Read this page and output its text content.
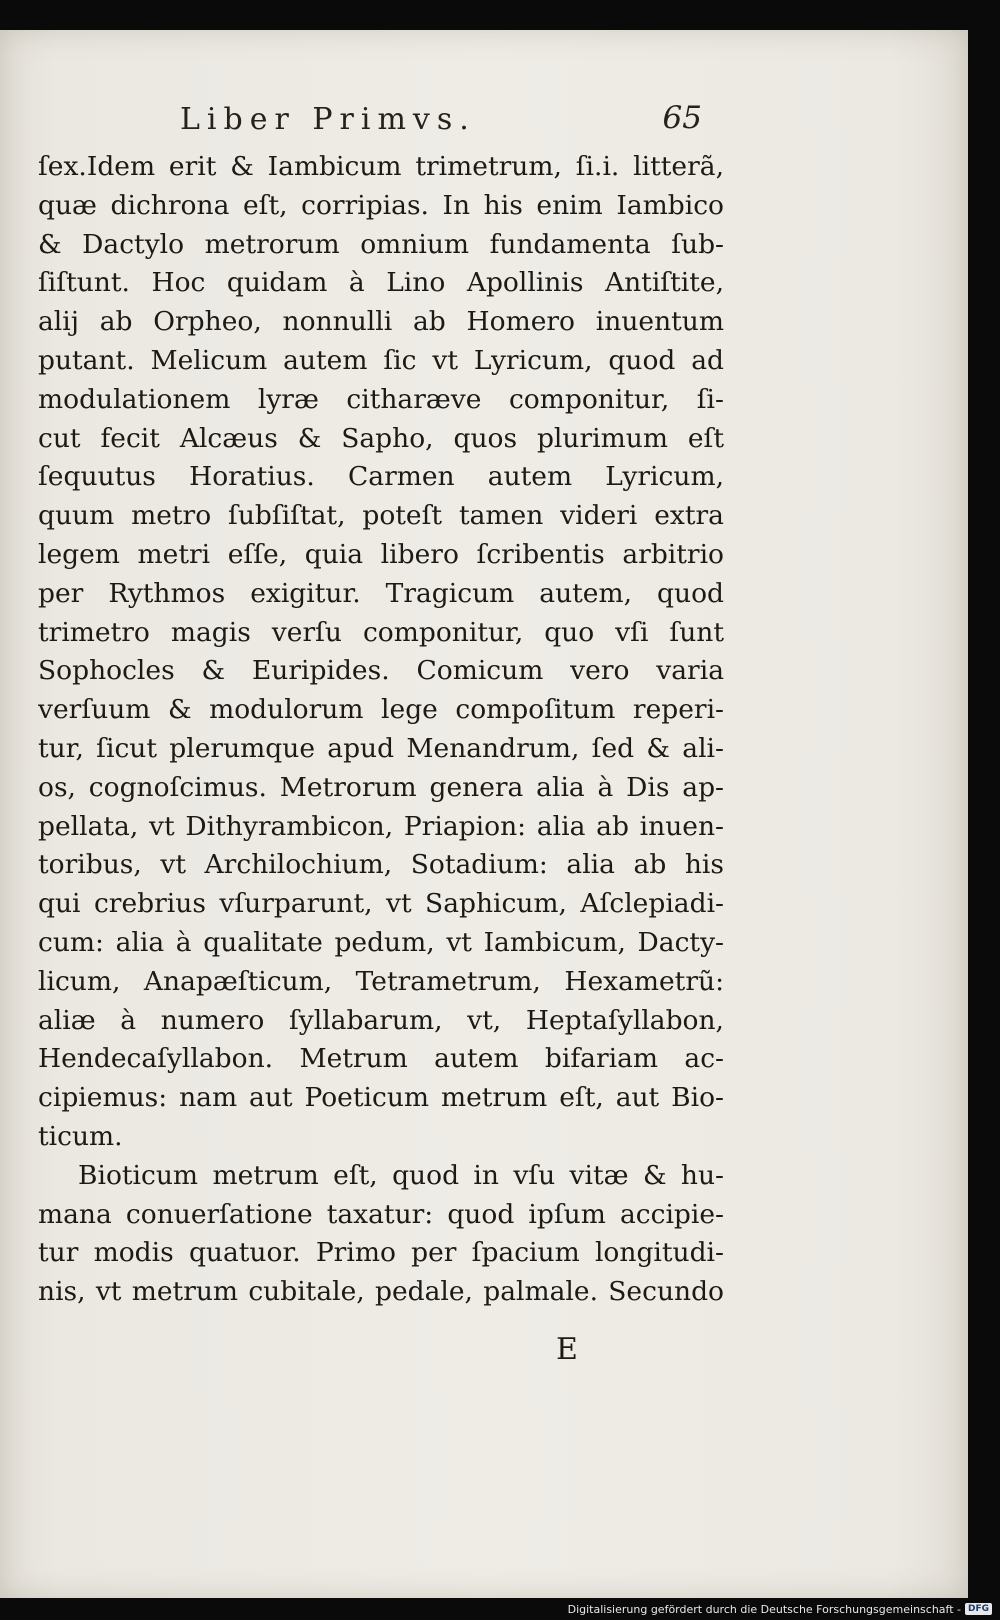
Liber Primvs.	65
ſex.Idem erit & Iambicum trimetrum, ſi.i. litterã,
quæ dichrona eſt, corripias. In his enim Iambico
& Dactylo metrorum omnium fundamenta ſub-
ſiſtunt. Hoc quidam à Lino Apollinis Antiſtite,
alij ab Orpheo, nonnulli ab Homero inuentum
putant. Melicum autem ſic vt Lyricum, quod ad
modulationem lyræ citharæve componitur, ſi-
cut fecit Alcæus & Sapho, quos plurimum eſt
ſequutus Horatius. Carmen autem Lyricum,
quum metro ſubſiſtat, poteſt tamen videri extra
legem metri eſſe, quia libero ſcribentis arbitrio
per Rythmos exigitur. Tragicum autem, quod
trimetro magis verſu componitur, quo vſi ſunt
Sophocles & Euripides. Comicum vero varia
verſuum & modulorum lege compoſitum reperi-
tur, ſicut plerumque apud Menandrum, ſed & ali-
os, cognoſcimus. Metrorum genera alia à Dis ap-
pellata, vt Dithyrambicon, Priapion: alia ab inuen-
toribus, vt Archilochium, Sotadium: alia ab his
qui crebrius vſurparunt, vt Saphicum, Aſclepiadi-
cum: alia à qualitate pedum, vt Iambicum, Dacty-
licum, Anapæſticum, Tetrametrum, Hexametrũ:
aliæ à numero ſyllabarum, vt, Heptaſyllabon,
Hendecaſyllabon. Metrum autem bifariam ac-
cipiemus: nam aut Poeticum metrum eſt, aut Bio-
ticum.
Bioticum metrum eſt, quod in vſu vitæ & hu-
mana conuerſatione taxatur: quod ipſum accipie-
tur modis quatuor. Primo per ſpacium longitudi-
nis, vt metrum cubitale, pedale, palmale. Secundo
E
Digitalisierung gefördert durch die Deutsche Forschungsgemeinschaft - DFG
